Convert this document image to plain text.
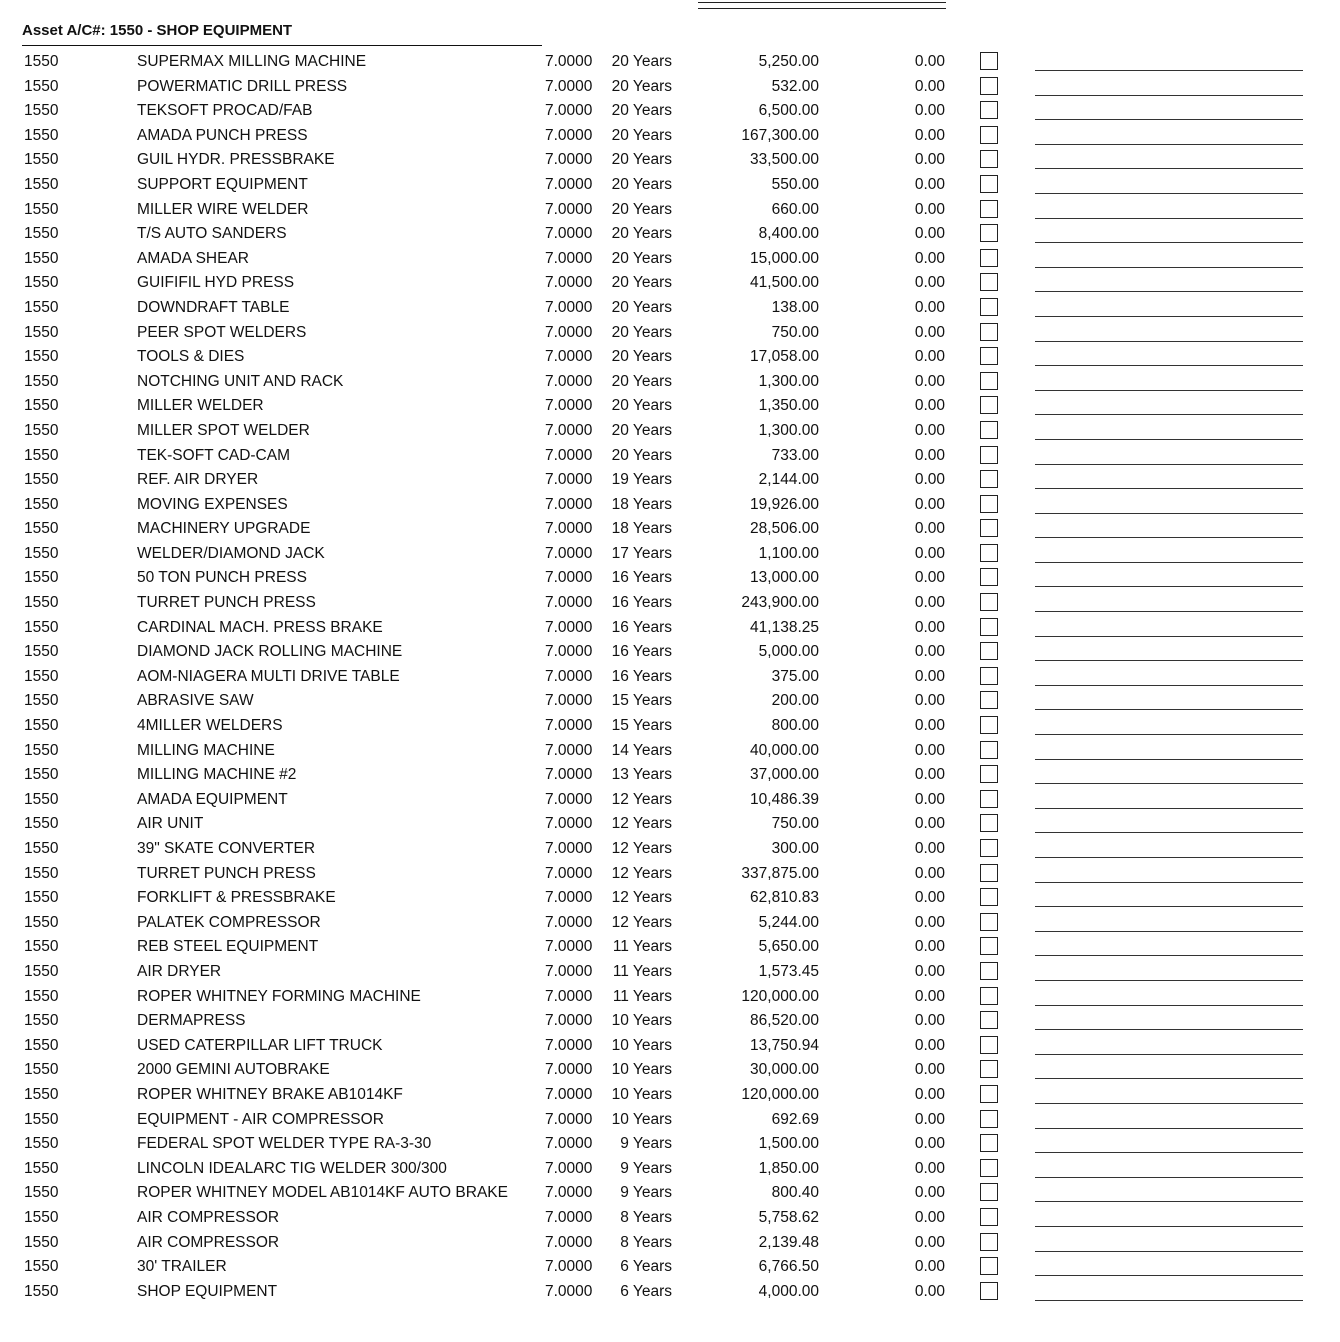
Asset A/C#: 1550 - SHOP EQUIPMENT
1550	SUPERMAX MILLING MACHINE	7.0000	20 Years	5,250.00	0.00
1550	POWERMATIC DRILL PRESS	7.0000	20 Years	532.00	0.00
1550	TEKSOFT PROCAD/FAB	7.0000	20 Years	6,500.00	0.00
1550	AMADA PUNCH PRESS	7.0000	20 Years	167,300.00	0.00
1550	GUIL HYDR. PRESSBRAKE	7.0000	20 Years	33,500.00	0.00
1550	SUPPORT EQUIPMENT	7.0000	20 Years	550.00	0.00
1550	MILLER WIRE WELDER	7.0000	20 Years	660.00	0.00
1550	T/S AUTO SANDERS	7.0000	20 Years	8,400.00	0.00
1550	AMADA SHEAR	7.0000	20 Years	15,000.00	0.00
1550	GUIFIFIL HYD PRESS	7.0000	20 Years	41,500.00	0.00
1550	DOWNDRAFT TABLE	7.0000	20 Years	138.00	0.00
1550	PEER SPOT WELDERS	7.0000	20 Years	750.00	0.00
1550	TOOLS & DIES	7.0000	20 Years	17,058.00	0.00
1550	NOTCHING UNIT AND RACK	7.0000	20 Years	1,300.00	0.00
1550	MILLER WELDER	7.0000	20 Years	1,350.00	0.00
1550	MILLER SPOT WELDER	7.0000	20 Years	1,300.00	0.00
1550	TEK-SOFT CAD-CAM	7.0000	20 Years	733.00	0.00
1550	REF. AIR DRYER	7.0000	19 Years	2,144.00	0.00
1550	MOVING EXPENSES	7.0000	18 Years	19,926.00	0.00
1550	MACHINERY UPGRADE	7.0000	18 Years	28,506.00	0.00
1550	WELDER/DIAMOND JACK	7.0000	17 Years	1,100.00	0.00
1550	50 TON PUNCH PRESS	7.0000	16 Years	13,000.00	0.00
1550	TURRET PUNCH PRESS	7.0000	16 Years	243,900.00	0.00
1550	CARDINAL MACH. PRESS BRAKE	7.0000	16 Years	41,138.25	0.00
1550	DIAMOND JACK ROLLING MACHINE	7.0000	16 Years	5,000.00	0.00
1550	AOM-NIAGERA MULTI DRIVE TABLE	7.0000	16 Years	375.00	0.00
1550	ABRASIVE SAW	7.0000	15 Years	200.00	0.00
1550	4MILLER WELDERS	7.0000	15 Years	800.00	0.00
1550	MILLING MACHINE	7.0000	14 Years	40,000.00	0.00
1550	MILLING MACHINE #2	7.0000	13 Years	37,000.00	0.00
1550	AMADA EQUIPMENT	7.0000	12 Years	10,486.39	0.00
1550	AIR UNIT	7.0000	12 Years	750.00	0.00
1550	39" SKATE CONVERTER	7.0000	12 Years	300.00	0.00
1550	TURRET PUNCH PRESS	7.0000	12 Years	337,875.00	0.00
1550	FORKLIFT & PRESSBRAKE	7.0000	12 Years	62,810.83	0.00
1550	PALATEK COMPRESSOR	7.0000	12 Years	5,244.00	0.00
1550	REB STEEL EQUIPMENT	7.0000	11 Years	5,650.00	0.00
1550	AIR DRYER	7.0000	11 Years	1,573.45	0.00
1550	ROPER WHITNEY FORMING MACHINE	7.0000	11 Years	120,000.00	0.00
1550	DERMAPRESS	7.0000	10 Years	86,520.00	0.00
1550	USED CATERPILLAR LIFT TRUCK	7.0000	10 Years	13,750.94	0.00
1550	2000 GEMINI AUTOBRAKE	7.0000	10 Years	30,000.00	0.00
1550	ROPER WHITNEY BRAKE AB1014KF	7.0000	10 Years	120,000.00	0.00
1550	EQUIPMENT - AIR COMPRESSOR	7.0000	10 Years	692.69	0.00
1550	FEDERAL SPOT WELDER TYPE RA-3-30	7.0000	9 Years	1,500.00	0.00
1550	LINCOLN IDEALARC TIG WELDER 300/300	7.0000	9 Years	1,850.00	0.00
1550	ROPER WHITNEY MODEL AB1014KF AUTO BRAKE 7.0000	9 Years	800.40	0.00
1550	AIR COMPRESSOR	7.0000	8 Years	5,758.62	0.00
1550	AIR COMPRESSOR	7.0000	8 Years	2,139.48	0.00
1550	30' TRAILER	7.0000	6 Years	6,766.50	0.00
1550	SHOP EQUIPMENT	7.0000	6 Years	4,000.00	0.00
